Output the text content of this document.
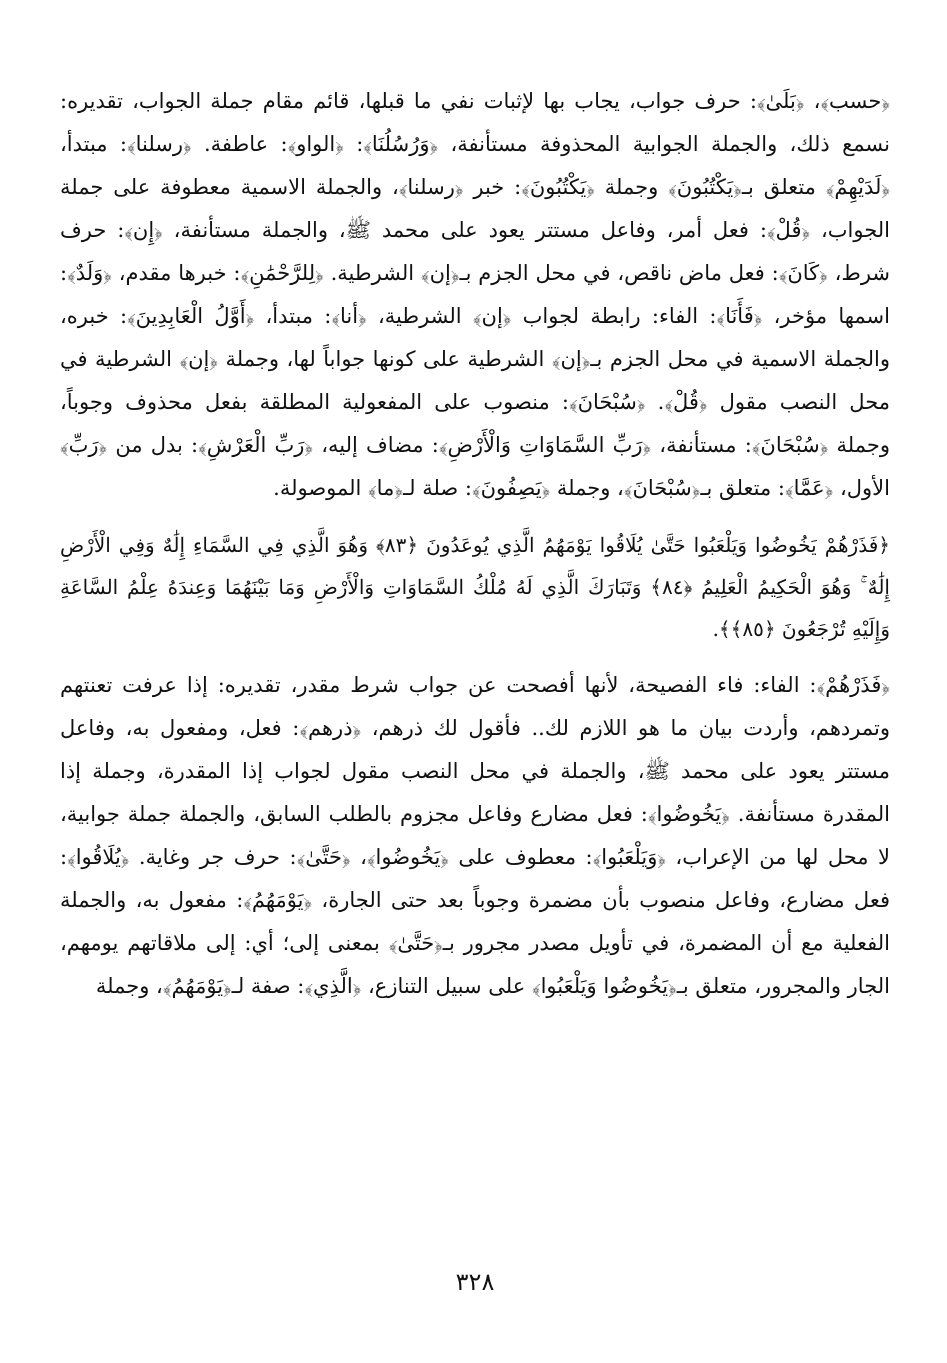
﴿حسب﴾، ﴿بَلَىٰ﴾: حرف جواب، يجاب بها لإثبات نفي ما قبلها، قائم مقام جملة الجواب، تقديره: نسمع ذلك، والجملة الجوابية المحذوفة مستأنفة، ﴿وَرُسُلُنَا﴾: ﴿الواو﴾: عاطفة. ﴿رسلنا﴾: مبتدأ، ﴿لَدَيْهِمْ﴾ متعلق بـ﴿يَكْتُبُونَ﴾ وجملة ﴿يَكْتُبُونَ﴾: خبر ﴿رسلنا﴾، والجملة الاسمية معطوفة على جملة الجواب، ﴿قُلْ﴾: فعل أمر، وفاعل مستتر يعود على محمد ﷺ، والجملة مستأنفة، ﴿إِن﴾: حرف شرط، ﴿كَانَ﴾: فعل ماض ناقص، في محل الجزم بـ﴿إن﴾ الشرطية. ﴿لِلرَّحْمَٰنِ﴾: خبرها مقدم، ﴿وَلَدٌ﴾: اسمها مؤخر، ﴿فَأَنَا﴾: الفاء: رابطة لجواب ﴿إن﴾ الشرطية، ﴿أنا﴾: مبتدأ، ﴿أَوَّلُ الْعَابِدِينَ﴾: خبره، والجملة الاسمية في محل الجزم بـ﴿إن﴾ الشرطية على كونها جواباً لها، وجملة ﴿إن﴾ الشرطية في محل النصب مقول ﴿قُلْ﴾. ﴿سُبْحَانَ﴾: منصوب على المفعولية المطلقة بفعل محذوف وجوباً، وجملة ﴿سُبْحَانَ﴾: مستأنفة، ﴿رَبِّ السَّمَاوَاتِ وَالْأَرْضِ﴾: مضاف إليه، ﴿رَبِّ الْعَرْشِ﴾: بدل من ﴿رَبِّ﴾ الأول، ﴿عَمَّا﴾: متعلق بـ﴿سُبْحَانَ﴾، وجملة ﴿يَصِفُونَ﴾: صلة لـ﴿ما﴾ الموصولة.

﴿فَذَرْهُمْ يَخُوضُوا وَيَلْعَبُوا حَتَّىٰ يُلَاقُوا يَوْمَهُمُ الَّذِي يُوعَدُونَ ﴿٨٣﴾ وَهُوَ الَّذِي فِي السَّمَاءِ إِلَٰهٌ وَفِي الْأَرْضِ إِلَٰهٌ ۚ وَهُوَ الْحَكِيمُ الْعَلِيمُ ﴿٨٤﴾ وَتَبَارَكَ الَّذِي لَهُ مُلْكُ السَّمَاوَاتِ وَالْأَرْضِ وَمَا بَيْنَهُمَا وَعِندَهُ عِلْمُ السَّاعَةِ وَإِلَيْهِ تُرْجَعُونَ ﴿٨٥﴾﴾.

﴿فَذَرْهُمْ﴾: الفاء: فاء الفصيحة، لأنها أفصحت عن جواب شرط مقدر، تقديره: إذا عرفت تعنتهم وتمردهم، وأردت بيان ما هو اللازم لك.. فأقول لك ذرهم، ﴿ذرهم﴾: فعل، ومفعول به، وفاعل مستتر يعود على محمد ﷺ، والجملة في محل النصب مقول لجواب إذا المقدرة، وجملة إذا المقدرة مستأنفة. ﴿يَخُوضُوا﴾: فعل مضارع وفاعل مجزوم بالطلب السابق، والجملة جملة جوابية، لا محل لها من الإعراب، ﴿وَيَلْعَبُوا﴾: معطوف على ﴿يَخُوضُوا﴾، ﴿حَتَّىٰ﴾: حرف جر وغاية. ﴿يُلَاقُوا﴾: فعل مضارع، وفاعل منصوب بأن مضمرة وجوباً بعد حتى الجارة، ﴿يَوْمَهُمُ﴾: مفعول به، والجملة الفعلية مع أن المضمرة، في تأويل مصدر مجرور بـ﴿حَتَّىٰ﴾ بمعنى إلى؛ أي: إلى ملاقاتهم يومهم، الجار والمجرور، متعلق بـ﴿يَخُوضُوا وَيَلْعَبُوا﴾ على سبيل التنازع، ﴿الَّذِي﴾: صفة لـ﴿يَوْمَهُمُ﴾، وجملة

٣٢٨
